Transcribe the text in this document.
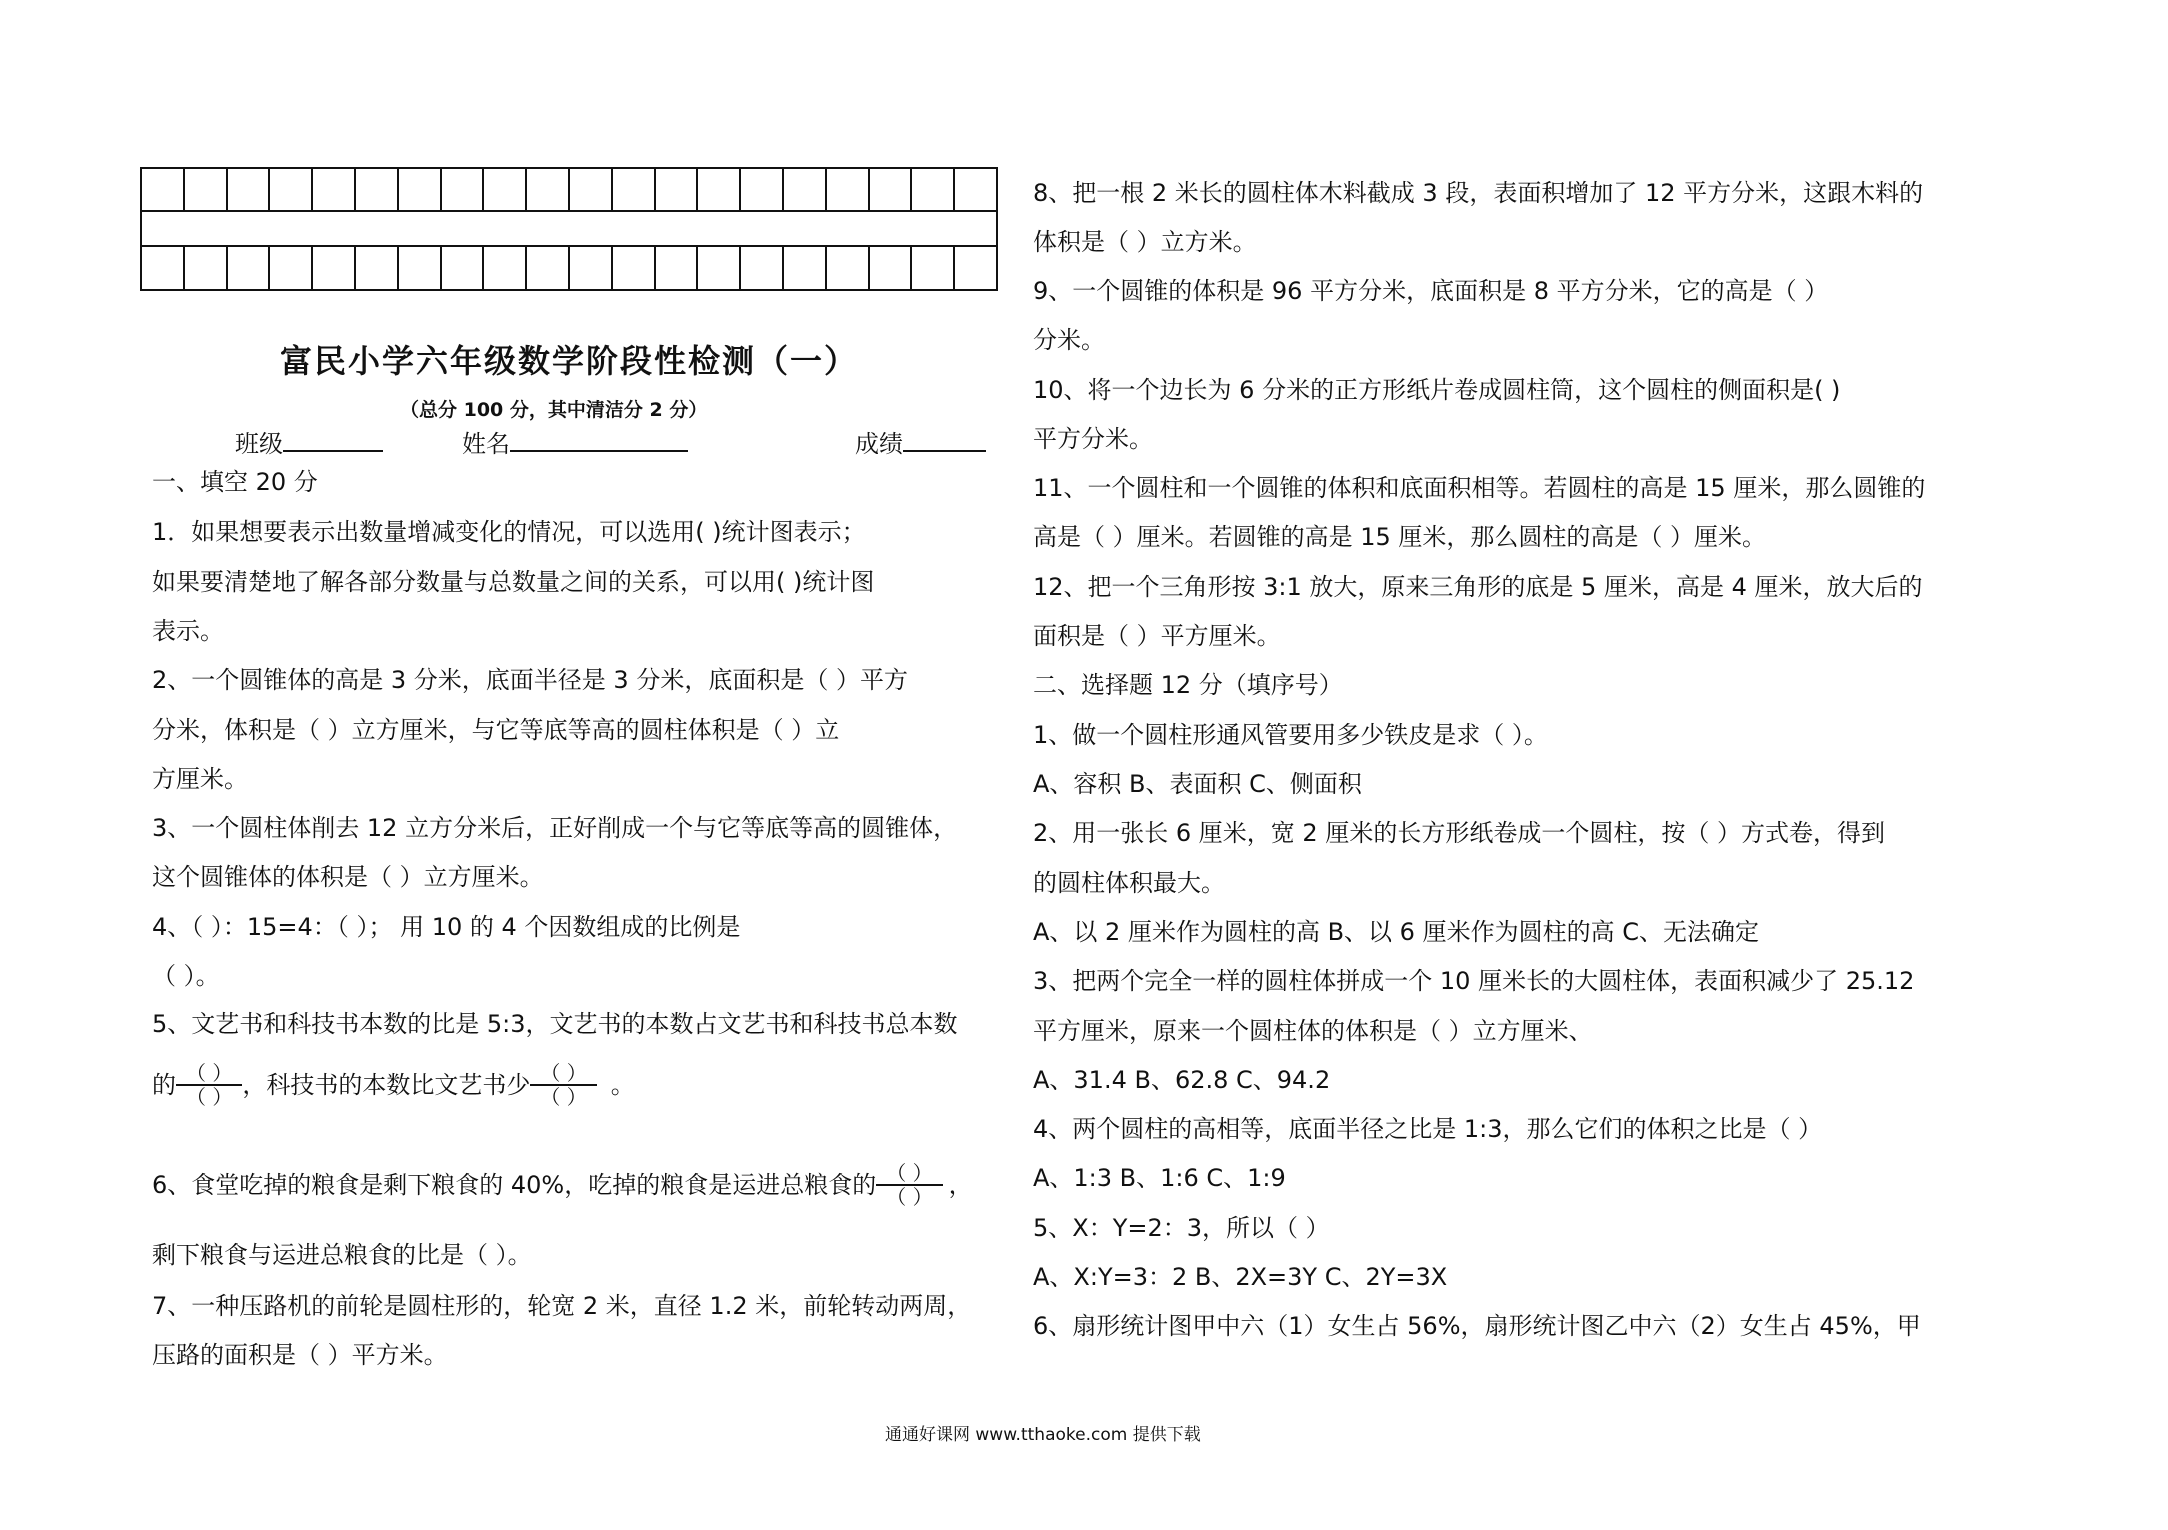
富民小学六年级数学阶段性检测（一）
（总分 100 分，其中清洁分 2 分）
班级	姓名	成绩
一、填空 20 分
1．如果想要表示出数量增减变化的情况，可以选用( )统计图表示；
如果要清楚地了解各部分数量与总数量之间的关系，可以用( )统计图
表示。
2、一个圆锥体的高是 3 分米，底面半径是 3 分米，底面积是（ ）平方
分米，体积是（ ）立方厘米，与它等底等高的圆柱体积是（ ）立
方厘米。
3、一个圆柱体削去 12 立方分米后，正好削成一个与它等底等高的圆锥体，
这个圆锥体的体积是（ ）立方厘米。
4、（ ）：15=4：（ ）； 用 10 的 4 个因数组成的比例是
（ ）。
5、文艺书和科技书本数的比是 5:3，文艺书的本数占文艺书和科技书总本数
的 $\frac{( )}{( )}$ ，科技书的本数比文艺书少 $\frac{( )}{( )}$ 。
6、食堂吃掉的粮食是剩下粮食的 40%，吃掉的粮食是运进总粮食的 $\frac{( )}{( )}$ ，
剩下粮食与运进总粮食的比是（ ）。
7、一种压路机的前轮是圆柱形的，轮宽 2 米，直径 1.2 米，前轮转动两周，
压路的面积是（ ）平方米。
8、把一根 2 米长的圆柱体木料截成 3 段，表面积增加了 12 平方分米，这跟木料的
体积是（ ）立方米。
9、一个圆锥的体积是 96 平方分米，底面积是 8 平方分米，它的高是（ ）
分米。
10、将一个边长为 6 分米的正方形纸片卷成圆柱筒，这个圆柱的侧面积是( )
平方分米。
11、一个圆柱和一个圆锥的体积和底面积相等。若圆柱的高是 15 厘米，那么圆锥的
高是（ ）厘米。若圆锥的高是 15 厘米，那么圆柱的高是（ ）厘米。
12、把一个三角形按 3:1 放大，原来三角形的底是 5 厘米，高是 4 厘米，放大后的
面积是（ ）平方厘米。
二、选择题 12 分（填序号）
1、做一个圆柱形通风管要用多少铁皮是求（ ）。
A、容积 B、表面积 C、侧面积
2、用一张长 6 厘米，宽 2 厘米的长方形纸卷成一个圆柱，按（ ）方式卷，得到
的圆柱体积最大。
A、以 2 厘米作为圆柱的高 B、以 6 厘米作为圆柱的高 C、无法确定
3、把两个完全一样的圆柱体拼成一个 10 厘米长的大圆柱体，表面积减少了 25.12
平方厘米，原来一个圆柱体的体积是（ ）立方厘米、
A、31.4 B、62.8 C、94.2
4、两个圆柱的高相等，底面半径之比是 1:3，那么它们的体积之比是（ ）
A、1:3 B、1:6 C、1:9
5、X：Y=2：3，所以（ ）
A、X:Y=3：2 B、2X=3Y C、2Y=3X
6、扇形统计图甲中六（1）女生占 56%，扇形统计图乙中六（2）女生占 45%，甲
通通好课网 www.tthaoke.com 提供下载
